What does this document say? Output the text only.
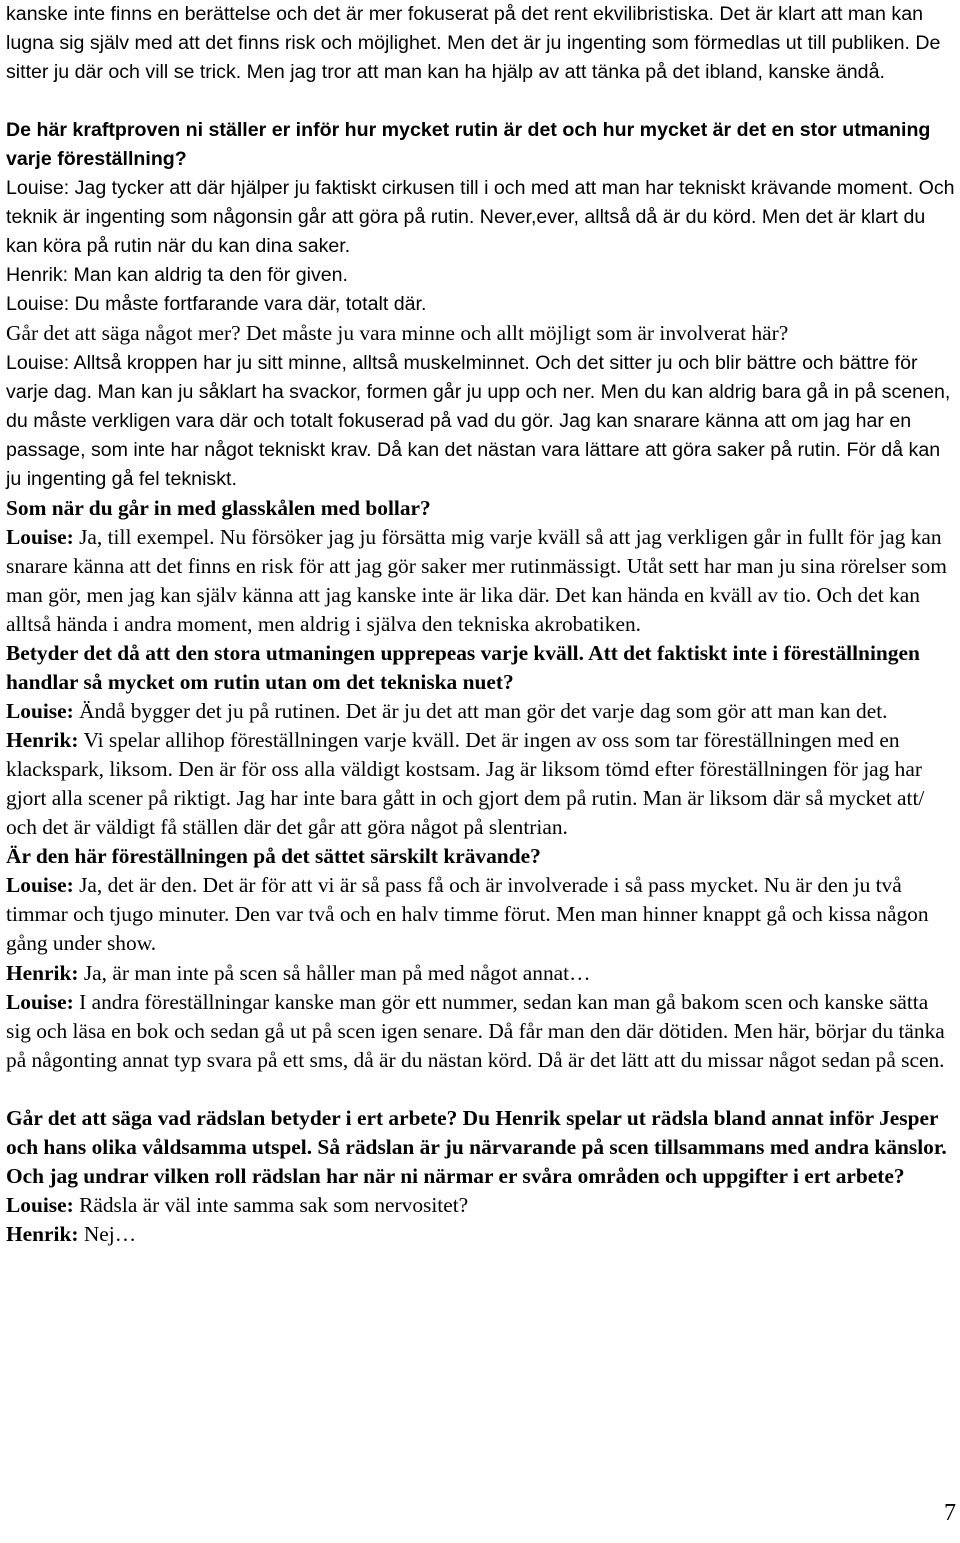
kanske inte finns en berättelse och det är mer fokuserat på det rent ekvilibristiska. Det är klart att man kan lugna sig själv med att det finns risk och möjlighet. Men det är ju ingenting som förmedlas ut till publiken. De sitter ju där och vill se trick. Men jag tror att man kan ha hjälp av att tänka på det ibland, kanske ändå.

De här kraftproven ni ställer er inför hur mycket rutin är det och hur mycket är det en stor utmaning varje föreställning?

Louise: Jag tycker att där hjälper ju faktiskt cirkusen till i och med att man har tekniskt krävande moment. Och teknik är ingenting som någonsin går att göra på rutin. Never,ever, alltså då är du körd. Men det är klart du kan köra på rutin när du kan dina saker.

Henrik: Man kan aldrig ta den för given.

Louise: Du måste fortfarande vara där, totalt där.

Går det att säga något mer? Det måste ju vara minne och allt möjligt som är involverat här?

Louise: Alltså kroppen har ju sitt minne, alltså muskelminnet. Och det sitter ju och blir bättre och bättre för varje dag. Man kan ju såklart ha svackor, formen går ju upp och ner. Men du kan aldrig bara gå in på scenen, du måste verkligen vara där och totalt fokuserad på vad du gör. Jag kan snarare känna att om jag har en passage, som inte har något tekniskt krav. Då kan det nästan vara lättare att göra saker på rutin. För då kan ju ingenting gå fel tekniskt.

Som när du går in med glasskålen med bollar?

Louise: Ja, till exempel. Nu försöker jag ju försätta mig varje kväll så att jag verkligen går in fullt för jag kan snarare känna att det finns en risk för att jag gör saker mer rutinmässigt. Utåt sett har man ju sina rörelser som man gör, men jag kan själv känna att jag kanske inte är lika där. Det kan hända en kväll av tio. Och det kan alltså hända i andra moment, men aldrig i själva den tekniska akrobatiken.

Betyder det då att den stora utmaningen upprepeas varje kväll. Att det faktiskt inte i föreställningen handlar så mycket om rutin utan om det tekniska nuet?

Louise: Ändå bygger det ju på rutinen. Det är ju det att man gör det varje dag som gör att man kan det.

Henrik: Vi spelar allihop föreställningen varje kväll. Det är ingen av oss som tar föreställningen med en klackspark, liksom. Den är för oss alla väldigt kostsam. Jag är liksom tömd efter föreställningen för jag har gjort alla scener på riktigt. Jag har inte bara gått in och gjort dem på rutin. Man är liksom där så mycket att/ och det är väldigt få ställen där det går att göra något på slentrian.

Är den här föreställningen på det sättet särskilt krävande?

Louise: Ja, det är den. Det är för att vi är så pass få och är involverade i så pass mycket. Nu är den ju två timmar och tjugo minuter. Den var två och en halv timme förut. Men man hinner knappt gå och kissa någon gång under show.

Henrik: Ja, är man inte på scen så håller man på med något annat…

Louise: I andra föreställningar kanske man gör ett nummer, sedan kan man gå bakom scen och kanske sätta sig och läsa en bok och sedan gå ut på scen igen senare. Då får man den där dötiden. Men här, börjar du tänka på någonting annat typ svara på ett sms, då är du nästan körd. Då är det lätt att du missar något sedan på scen.

Går det att säga vad rädslan betyder i ert arbete? Du Henrik spelar ut rädsla bland annat inför Jesper och hans olika våldsamma utspel. Så rädslan är ju närvarande på scen tillsammans med andra känslor. Och jag undrar vilken roll rädslan har när ni närmar er svåra områden och uppgifter i ert arbete?

Louise: Rädsla är väl inte samma sak som nervositet?

Henrik: Nej…

7
